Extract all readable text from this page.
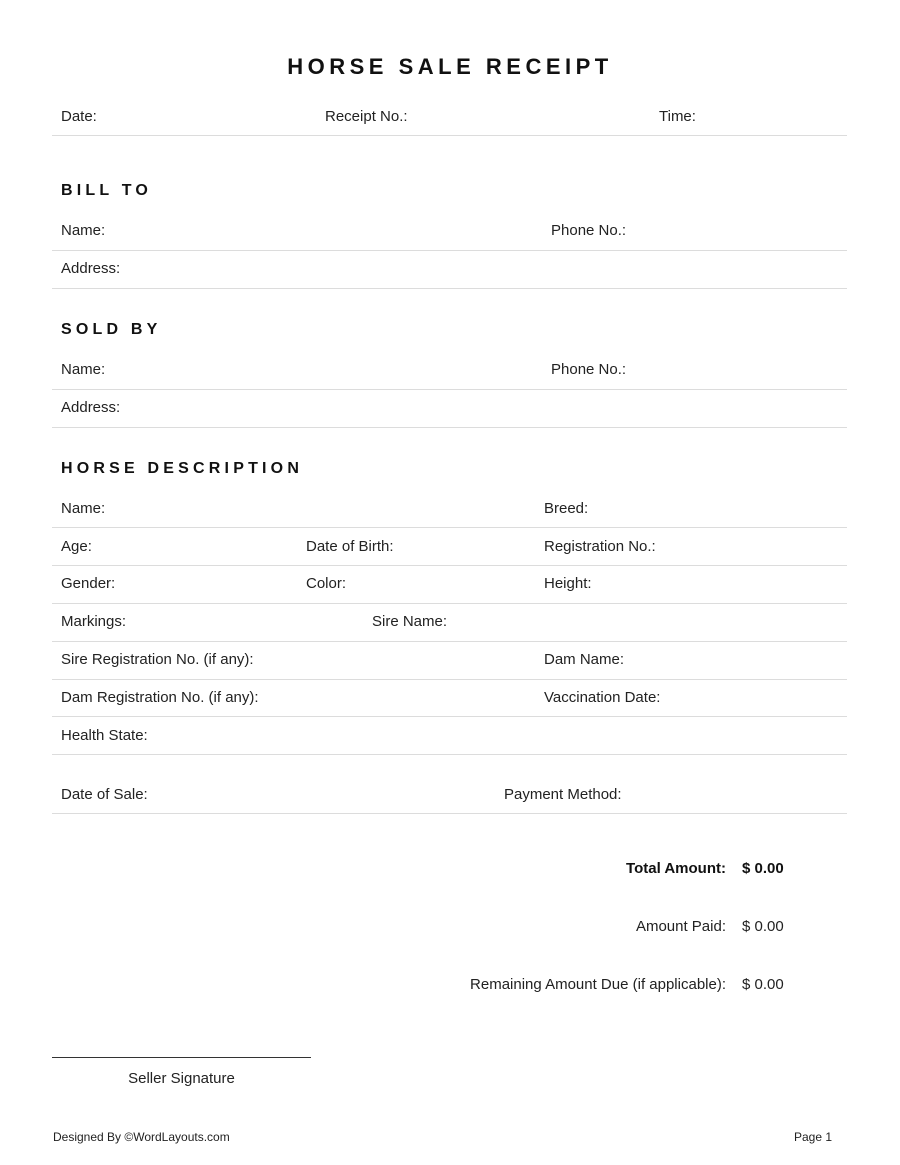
HORSE SALE RECEIPT
Date:	Receipt No.:	Time:
BILL TO
Name:	Phone No.:
Address:
SOLD BY
Name:	Phone No.:
Address:
HORSE DESCRIPTION
Name:	Breed:
Age:	Date of Birth:	Registration No.:
Gender:	Color:	Height:
Markings:	Sire Name:
Sire Registration No. (if any):	Dam Name:
Dam Registration No. (if any):	Vaccination Date:
Health State:
Date of Sale:	Payment Method:
Total Amount: $ 0.00
Amount Paid: $ 0.00
Remaining Amount Due (if applicable): $ 0.00
Seller Signature
Designed By ©WordLayouts.com	Page 1
